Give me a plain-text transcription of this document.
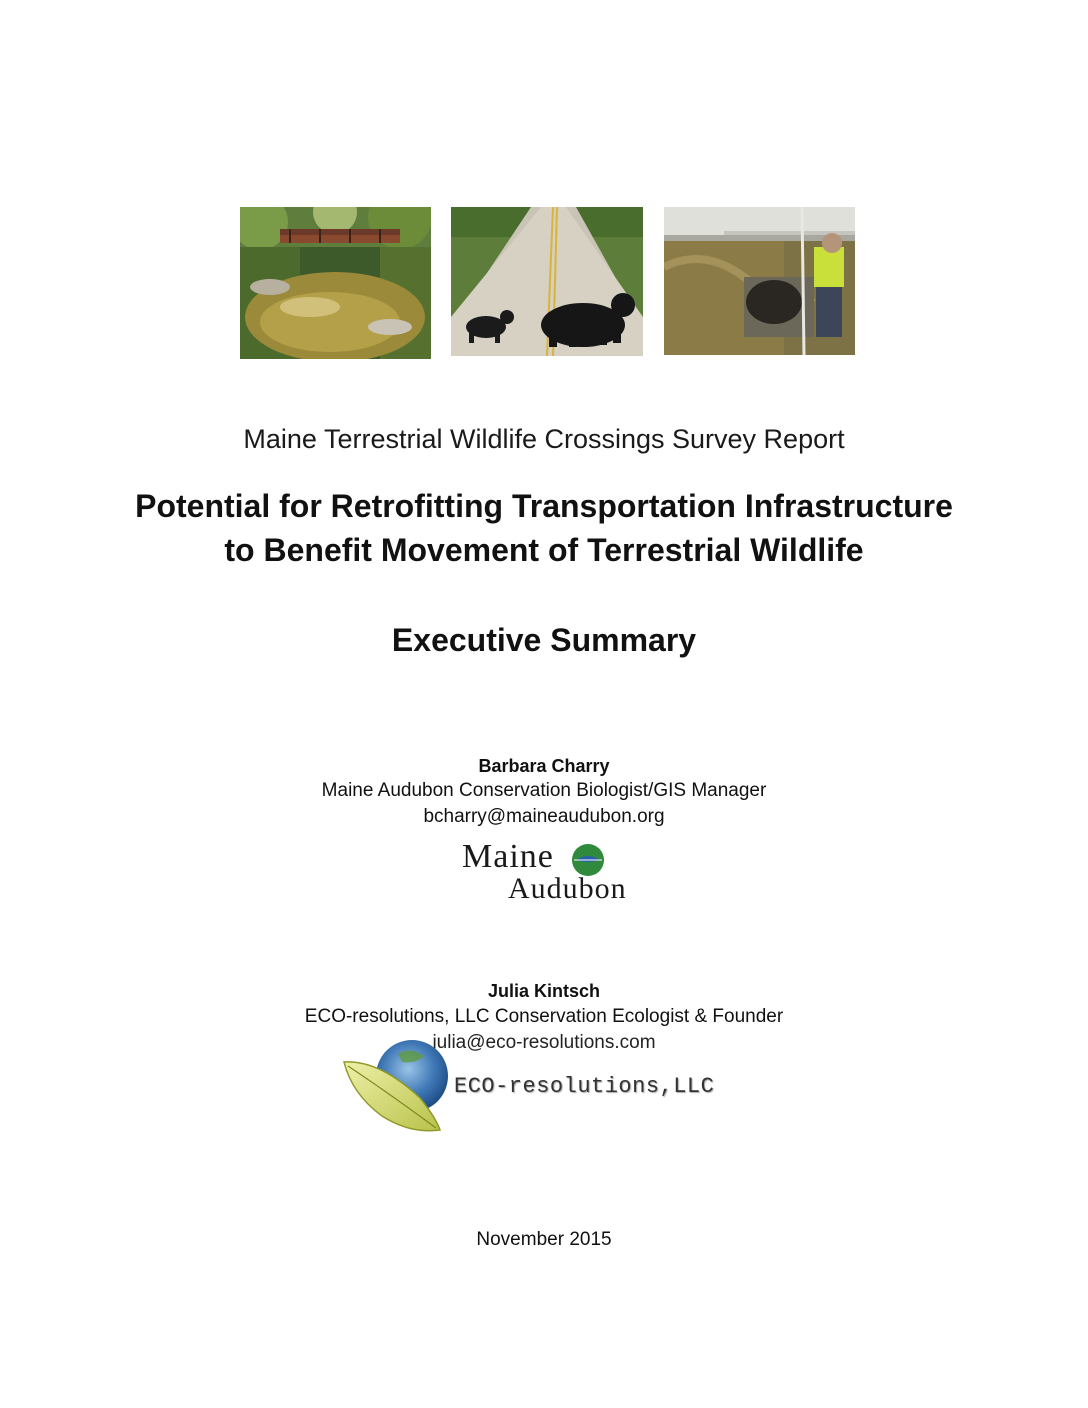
Maine Terrestrial Wildlife Crossings Survey Report
Potential for Retrofitting Transportation Infrastructure
to Benefit Movement of Terrestrial Wildlife
Executive Summary
Barbara Charry
Maine Audubon Conservation Biologist/GIS Manager
bcharry@maineaudubon.org
Maine
Audubon
Julia Kintsch
ECO-resolutions, LLC Conservation Ecologist & Founder
julia@eco-resolutions.com
ECO-resolutions,LLC
November 2015
